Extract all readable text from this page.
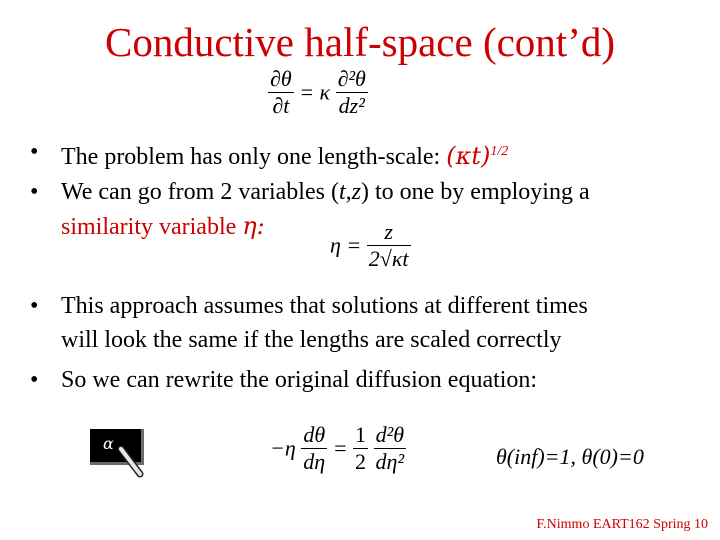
Conductive half-space (cont’d)
$\frac{\partial\theta}{\partial t} = \kappa \frac{\text{∂²θ}}{\text{dz²}}$
• The problem has only one length-scale: $(\kappa t)^{1/2}$
• We can go from 2 variables (t,z) to one by employing a
similarity variable η:
$\eta = \frac{z}{2√\kappa t}$
• This approach assumes that solutions at different times
will look the same if the lengths are scaled correctly
• So we can rewrite the original diffusion equation:
α	$-\eta \frac{d\theta}{d\eta} = \frac{1}{2}$
$\frac{\text{d²θ}}{\text{dη²}}$	θ(inf)=1, θ(0)=0
F.Nimmo EART162 Spring 10
